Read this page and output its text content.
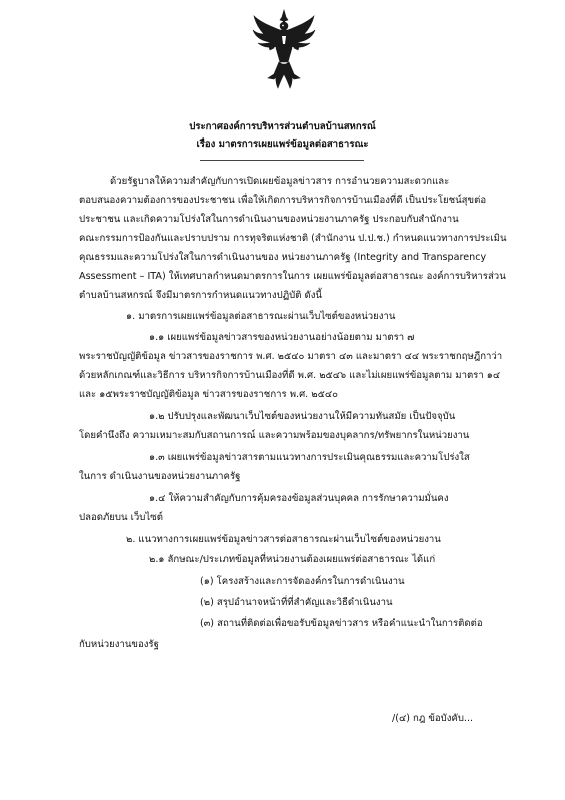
ประกาศองค์การบริหารส่วนตำบลบ้านสหกรณ์
เรื่อง มาตรการเผยแพร่ข้อมูลต่อสาธารณะ
ด้วยรัฐบาลให้ความสำคัญกับการเปิดเผยข้อมูลข่าวสาร การอำนวยความสะดวกและ
ตอบสนองความต้องการของประชาชน เพื่อให้เกิดการบริหารกิจการบ้านเมืองที่ดี เป็นประโยชน์สุขต่อ
ประชาชน และเกิดความโปร่งใสในการดำเนินงานของหน่วยงานภาครัฐ ประกอบกับสำนักงาน
คณะกรรมการป้องกันและปราบปราม การทุจริตแห่งชาติ (สำนักงาน ป.ป.ช.) กำหนดแนวทางการประเมิน
คุณธรรมและความโปร่งใสในการดำเนินงานของ หน่วยงานภาครัฐ (Integrity and Transparency
Assessment – ITA) ให้เทศบาลกำหนดมาตรการในการ เผยแพร่ข้อมูลต่อสาธารณะ องค์การบริหารส่วน
ตำบลบ้านสหกรณ์ จึงมีมาตรการกำหนดแนวทางปฏิบัติ ดังนี้
๑. มาตรการเผยแพร่ข้อมูลต่อสาธารณะผ่านเว็บไซต์ของหน่วยงาน
๑.๑ เผยแพร่ข้อมูลข่าวสารของหน่วยงานอย่างน้อยตาม มาตรา ๗
พระราชบัญญัติข้อมูล ข่าวสารของราชการ พ.ศ. ๒๕๔๐ มาตรา ๔๓ และมาตรา ๔๔ พระราชกฤษฎีกาว่า
ด้วยหลักเกณฑ์และวิธีการ บริหารกิจการบ้านเมืองที่ดี พ.ศ. ๒๕๔๖ และไม่เผยแพร่ข้อมูลตาม มาตรา ๑๔
และ ๑๕พระราชบัญญัติข้อมูล ข่าวสารของราชการ พ.ศ. ๒๕๔๐
๑.๒ ปรับปรุงและพัฒนาเว็บไซต์ของหน่วยงานให้มีความทันสมัย เป็นปัจจุบัน
โดยคำนึงถึง ความเหมาะสมกับสถานการณ์ และความพร้อมของบุคลากร/ทรัพยากรในหน่วยงาน
๑.๓ เผยแพร่ข้อมูลข่าวสารตามแนวทางการประเมินคุณธรรมและความโปร่งใส
ในการ ดำเนินงานของหน่วยงานภาครัฐ
๑.๔ ให้ความสำคัญกับการคุ้มครองข้อมูลส่วนบุคคล การรักษาความมั่นคง
ปลอดภัยบน เว็บไซต์
๒. แนวทางการเผยแพร่ข้อมูลข่าวสารต่อสาธารณะผ่านเว็บไซต์ของหน่วยงาน
๒.๑ ลักษณะ/ประเภทข้อมูลที่หน่วยงานต้องเผยแพร่ต่อสาธารณะ ได้แก่
(๑) โครงสร้างและการจัดองค์กรในการดำเนินงาน
(๒) สรุปอำนาจหน้าที่ที่สำคัญและวิธีดำเนินงาน
(๓) สถานที่ติดต่อเพื่อขอรับข้อมูลข่าวสาร หรือคำแนะนำในการติดต่อ
กับหน่วยงานของรัฐ
/(๔) กฎ ข้อบังคับ...
